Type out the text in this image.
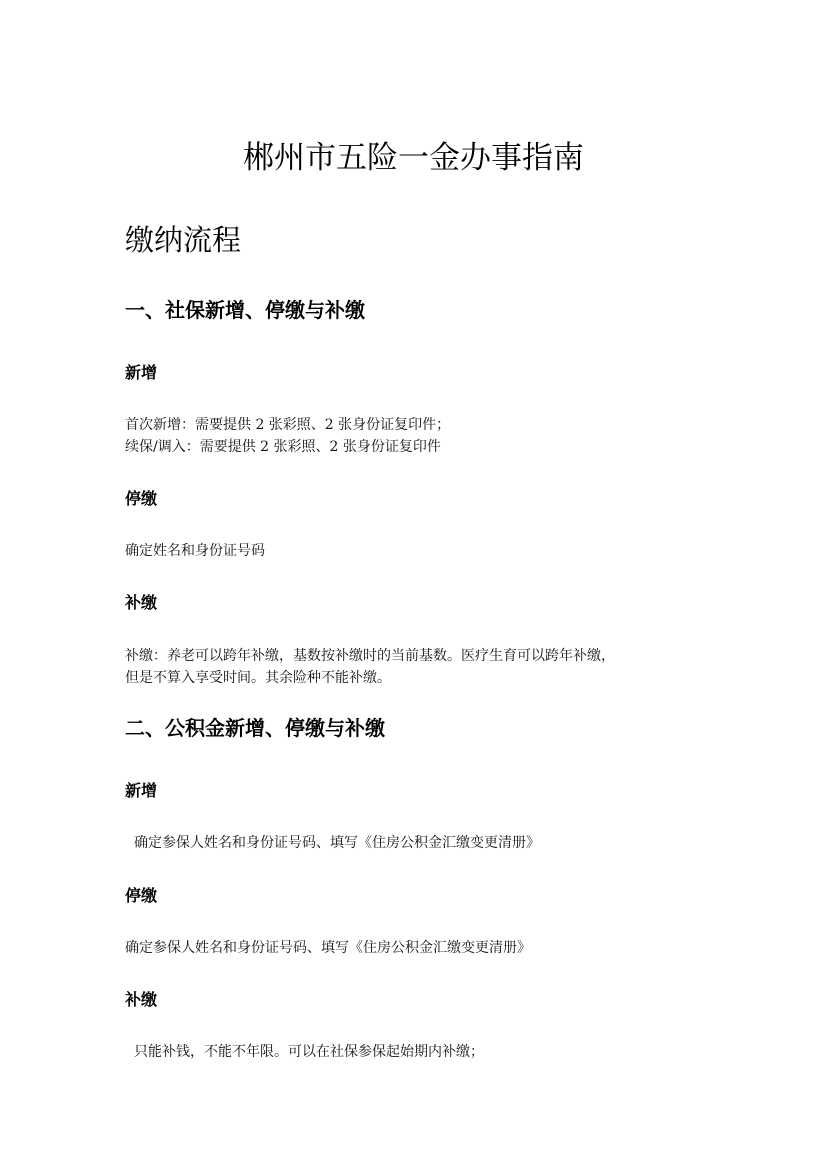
郴州市五险一金办事指南
缴纳流程
一、社保新增、停缴与补缴
新增

首次新增：需要提供 2 张彩照、2 张身份证复印件；

续保/调入：需要提供 2 张彩照、2 张身份证复印件

停缴

确定姓名和身份证号码

补缴

补缴：养老可以跨年补缴，基数按补缴时的当前基数。医疗生育可以跨年补缴，

但是不算入享受时间。其余险种不能补缴。

二、公积金新增、停缴与补缴
新增

确定参保人姓名和身份证号码、填写《住房公积金汇缴变更清册》

停缴

确定参保人姓名和身份证号码、填写《住房公积金汇缴变更清册》

补缴

只能补钱，不能不年限。可以在社保参保起始期内补缴；
